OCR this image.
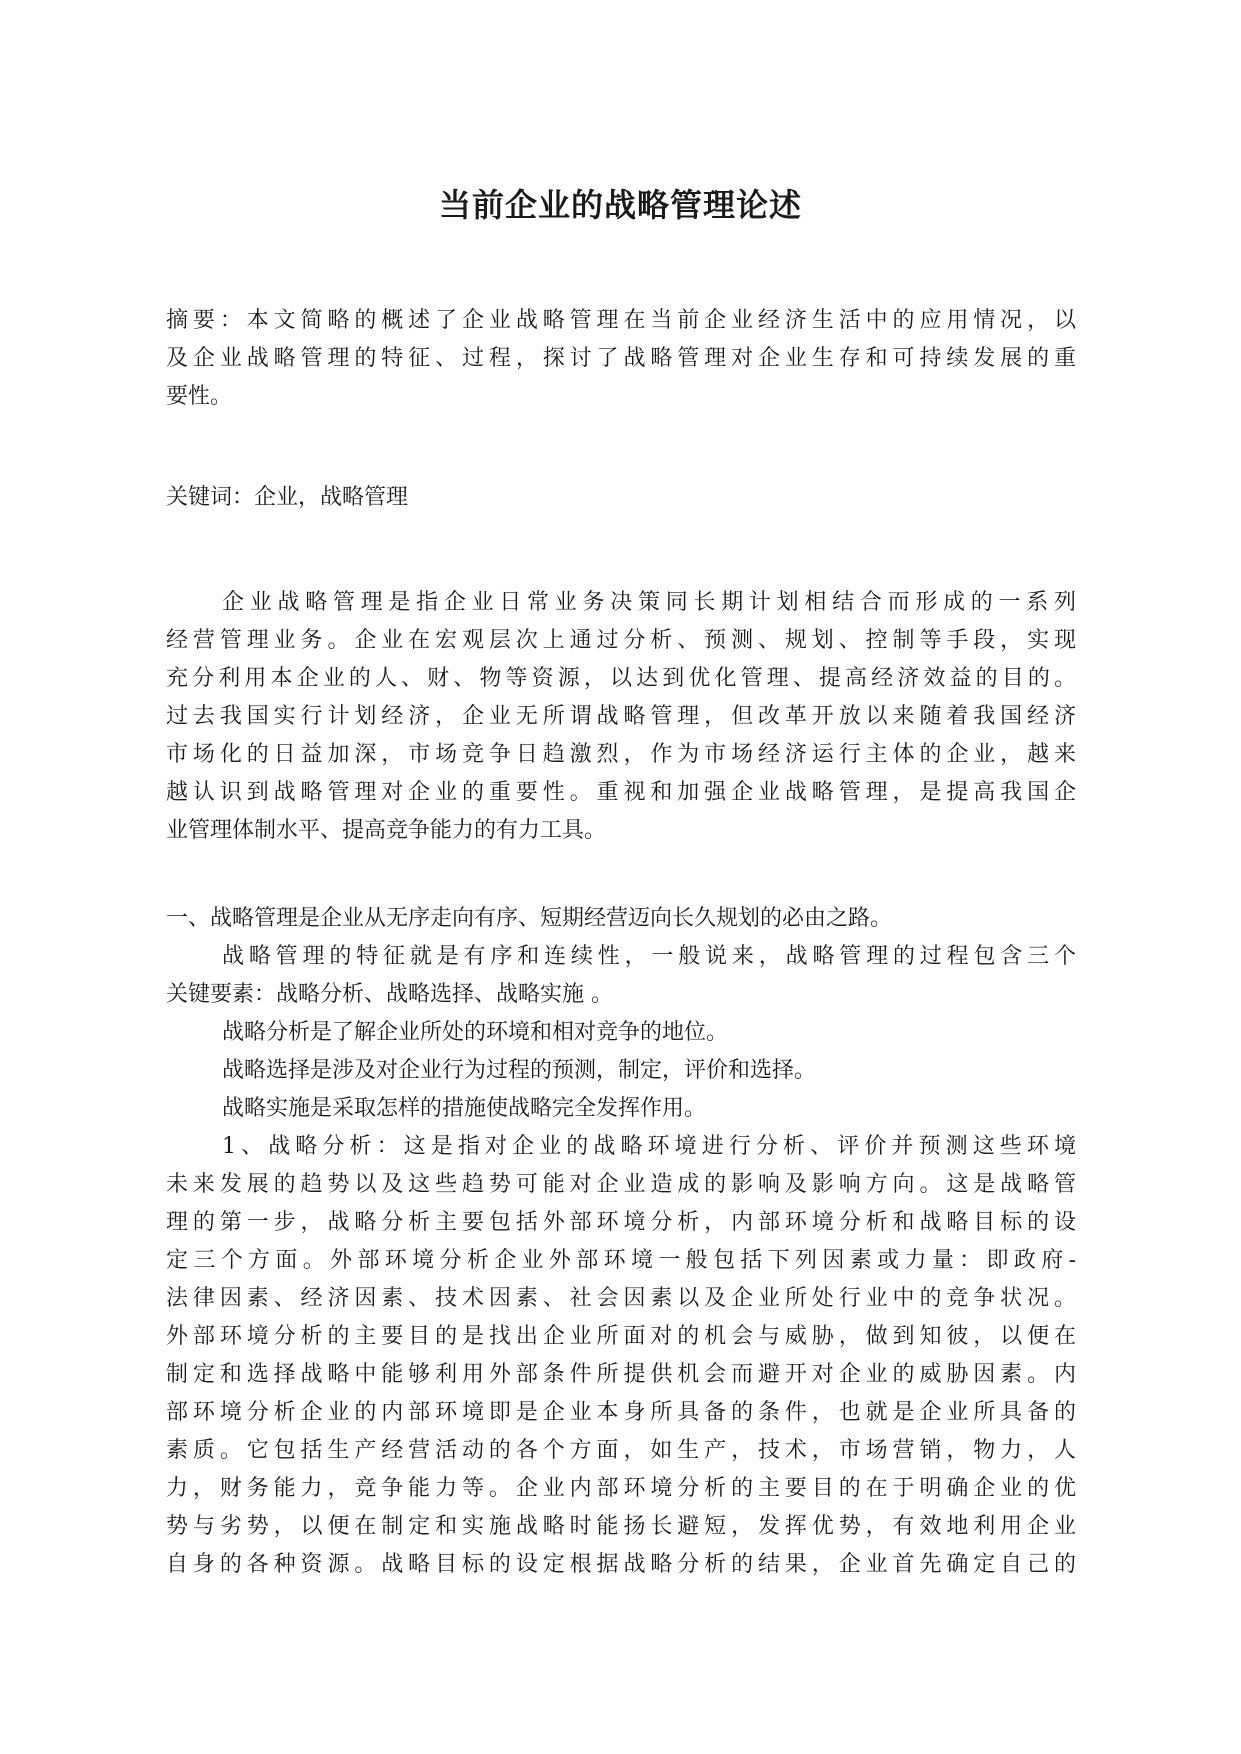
当前企业的战略管理论述
摘要：本文简略的概述了企业战略管理在当前企业经济生活中的应用情况，以
及企业战略管理的特征、过程，探讨了战略管理对企业生存和可持续发展的重
要性。
关键词：企业，战略管理
企业战略管理是指企业日常业务决策同长期计划相结合而形成的一系列
经营管理业务。企业在宏观层次上通过分析、预测、规划、控制等手段，实现
充分利用本企业的人、财、物等资源，以达到优化管理、提高经济效益的目的。
过去我国实行计划经济，企业无所谓战略管理，但改革开放以来随着我国经济
市场化的日益加深，市场竞争日趋激烈，作为市场经济运行主体的企业，越来
越认识到战略管理对企业的重要性。重视和加强企业战略管理，是提高我国企
业管理体制水平、提高竞争能力的有力工具。
一、战略管理是企业从无序走向有序、短期经营迈向长久规划的必由之路。
战略管理的特征就是有序和连续性，一般说来，战略管理的过程包含三个
关键要素：战略分析、战略选择、战略实施 。
战略分析是了解企业所处的环境和相对竞争的地位。
战略选择是涉及对企业行为过程的预测，制定，评价和选择。
战略实施是采取怎样的措施使战略完全发挥作用。
1、战略分析：这是指对企业的战略环境进行分析、评价并预测这些环境
未来发展的趋势以及这些趋势可能对企业造成的影响及影响方向。这是战略管
理的第一步，战略分析主要包括外部环境分析，内部环境分析和战略目标的设
定三个方面。外部环境分析企业外部环境一般包括下列因素或力量：即政府-
法律因素、经济因素、技术因素、社会因素以及企业所处行业中的竞争状况。
外部环境分析的主要目的是找出企业所面对的机会与威胁，做到知彼，以便在
制定和选择战略中能够利用外部条件所提供机会而避开对企业的威胁因素。内
部环境分析企业的内部环境即是企业本身所具备的条件，也就是企业所具备的
素质。它包括生产经营活动的各个方面，如生产，技术，市场营销，物力，人
力，财务能力，竞争能力等。企业内部环境分析的主要目的在于明确企业的优
势与劣势，以便在制定和实施战略时能扬长避短，发挥优势，有效地利用企业
自身的各种资源。战略目标的设定根据战略分析的结果，企业首先确定自己的
